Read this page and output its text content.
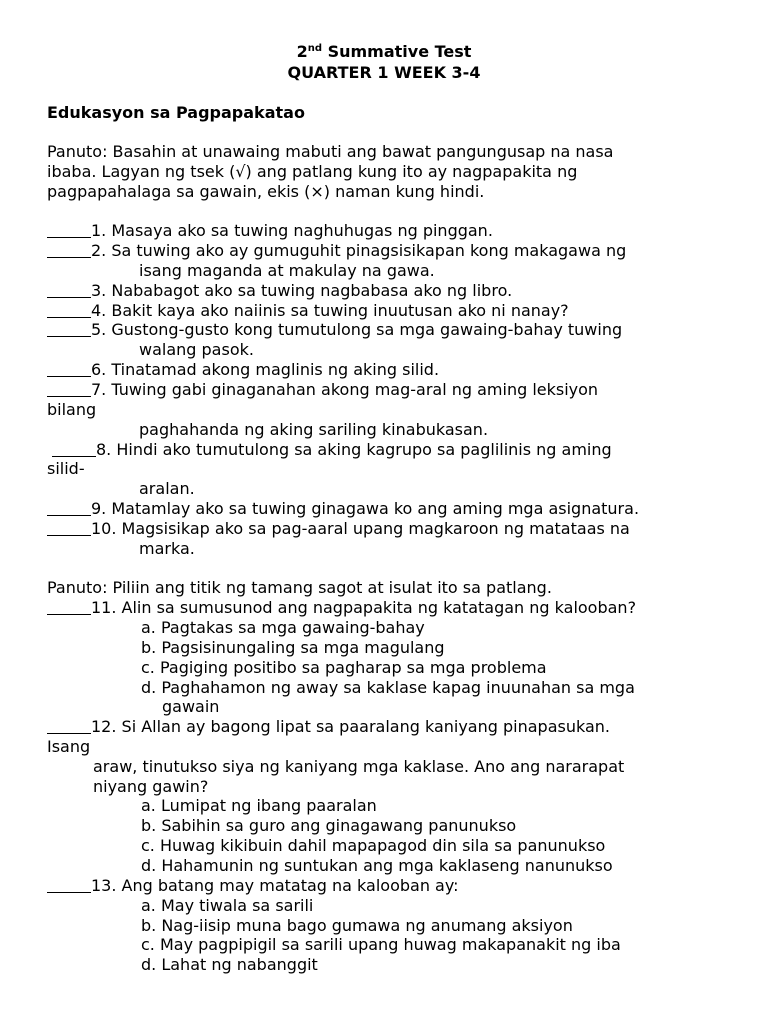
2nd Summative Test
QUARTER 1 WEEK 3-4
Edukasyon sa Pagpapakatao
Panuto: Basahin at unawaing mabuti ang bawat pangungusap na nasa
ibaba. Lagyan ng tsek (√) ang patlang kung ito ay nagpapakita ng
pagpapahalaga sa gawain, ekis (×) naman kung hindi.
1. Masaya ako sa tuwing naghuhugas ng pinggan.
2. Sa tuwing ako ay gumuguhit pinagsisikapan kong makagawa ng
isang maganda at makulay na gawa.
3. Nababagot ako sa tuwing nagbabasa ako ng libro.
4. Bakit kaya ako naiinis sa tuwing inuutusan ako ni nanay?
5. Gustong-gusto kong tumutulong sa mga gawaing-bahay tuwing
walang pasok.
6. Tinatamad akong maglinis ng aking silid.
7. Tuwing gabi ginaganahan akong mag-aral ng aming leksiyon
bilang
paghahanda ng aking sariling kinabukasan.
8. Hindi ako tumutulong sa aking kagrupo sa paglilinis ng aming
silid-
aralan.
9. Matamlay ako sa tuwing ginagawa ko ang aming mga asignatura.
10. Magsisikap ako sa pag-aaral upang magkaroon ng matataas na
marka.
Panuto: Piliin ang titik ng tamang sagot at isulat ito sa patlang.
11. Alin sa sumusunod ang nagpapakita ng katatagan ng kalooban?
a. Pagtakas sa mga gawaing-bahay
b. Pagsisinungaling sa mga magulang
c. Pagiging positibo sa pagharap sa mga problema
d. Paghahamon ng away sa kaklase kapag inuunahan sa mga
gawain
12. Si Allan ay bagong lipat sa paaralang kaniyang pinapasukan.
Isang
araw, tinutukso siya ng kaniyang mga kaklase. Ano ang nararapat
niyang gawin?
a. Lumipat ng ibang paaralan
b. Sabihin sa guro ang ginagawang panunukso
c. Huwag kikibuin dahil mapapagod din sila sa panunukso
d. Hahamunin ng suntukan ang mga kaklaseng nanunukso
13. Ang batang may matatag na kalooban ay:
a. May tiwala sa sarili
b. Nag-iisip muna bago gumawa ng anumang aksiyon
c. May pagpipigil sa sarili upang huwag makapanakit ng iba
d. Lahat ng nabanggit
